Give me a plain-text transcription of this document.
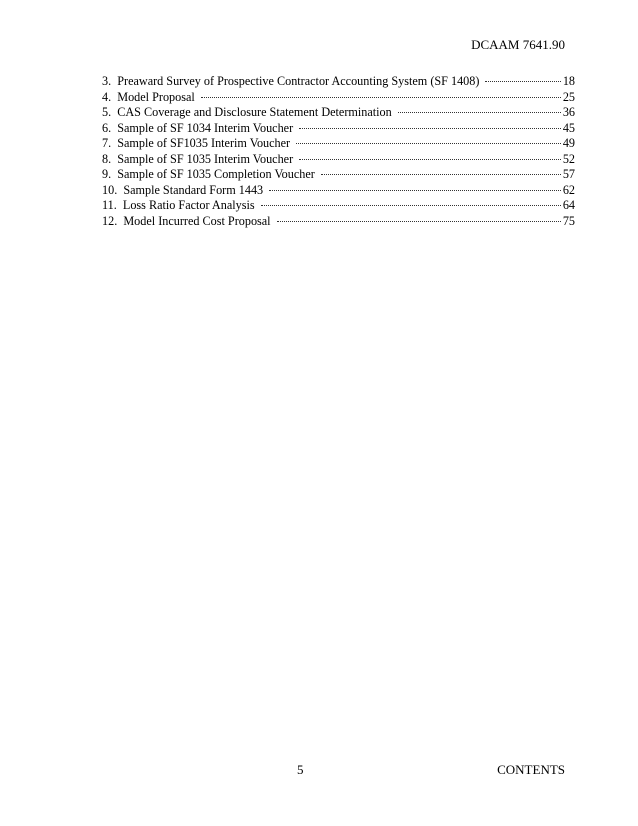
DCAAM 7641.90
3. Preaward Survey of Prospective Contractor Accounting System (SF 1408)	18
4. Model Proposal	25
5. CAS Coverage and Disclosure Statement Determination	36
6. Sample of SF 1034 Interim Voucher	45
7. Sample of SF1035 Interim Voucher	49
8. Sample of SF 1035 Interim Voucher	52
9. Sample of SF 1035 Completion Voucher	57
10. Sample Standard Form 1443	62
11. Loss Ratio Factor Analysis	64
12. Model Incurred Cost Proposal	75
5	CONTENTS
